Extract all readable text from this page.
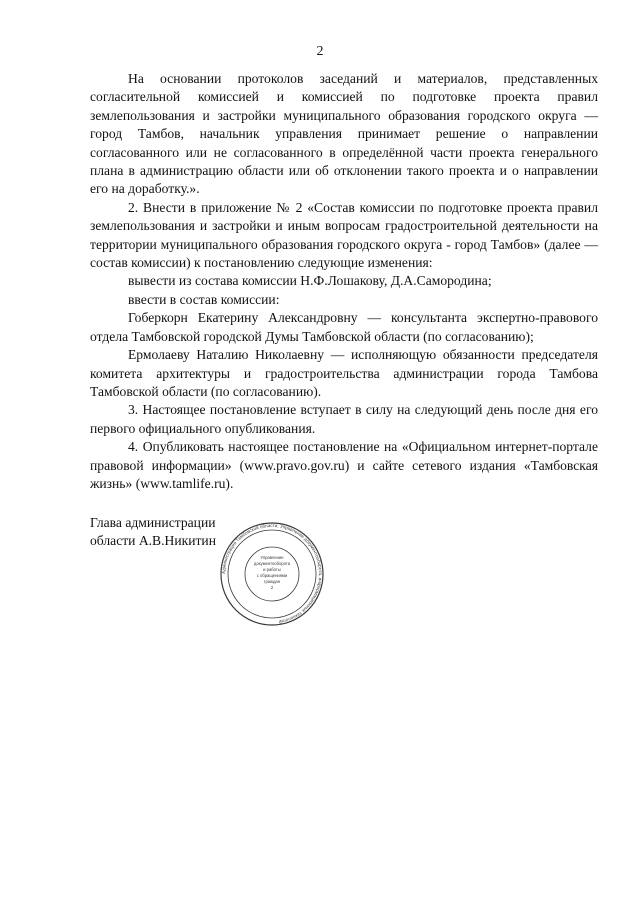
2

На основании протоколов заседаний и материалов, представленных согласительной комиссией и комиссией по подготовке проекта правил землепользования и застройки муниципального образования городского округа — город Тамбов, начальник управления принимает решение о направлении согласованного или не согласованного в определённой части проекта генерального плана в администрацию области или об отклонении такого проекта и о направлении его на доработку.».

2. Внести в приложение № 2 «Состав комиссии по подготовке проекта правил землепользования и застройки и иным вопросам градостроительной деятельности на территории муниципального образования городского округа - город Тамбов» (далее — состав комиссии) к постановлению следующие изменения:

вывести из состава комиссии Н.Ф.Лошакову, Д.А.Самородина;

ввести в состав комиссии:

Гоберкорн Екатерину Александровну — консультанта экспертно-правового отдела Тамбовской городской Думы Тамбовской области (по согласованию);

Ермолаеву Наталию Николаевну — исполняющую обязанности председателя комитета архитектуры и градостроительства администрации города Тамбова Тамбовской области (по согласованию).

3. Настоящее постановление вступает в силу на следующий день после дня его первого официального опубликования.

4. Опубликовать настоящее постановление на «Официальном интернет-портале правовой информации» (www.pravo.gov.ru) и сайте сетевого издания «Тамбовская жизнь» (www.tamlife.ru).

Глава администрации
области А.В.Никитин
Администрация Тамбовской области, Управление документооборота, информационных технологий
Управление
документооборота
и работы
с обращениями
граждан
2
